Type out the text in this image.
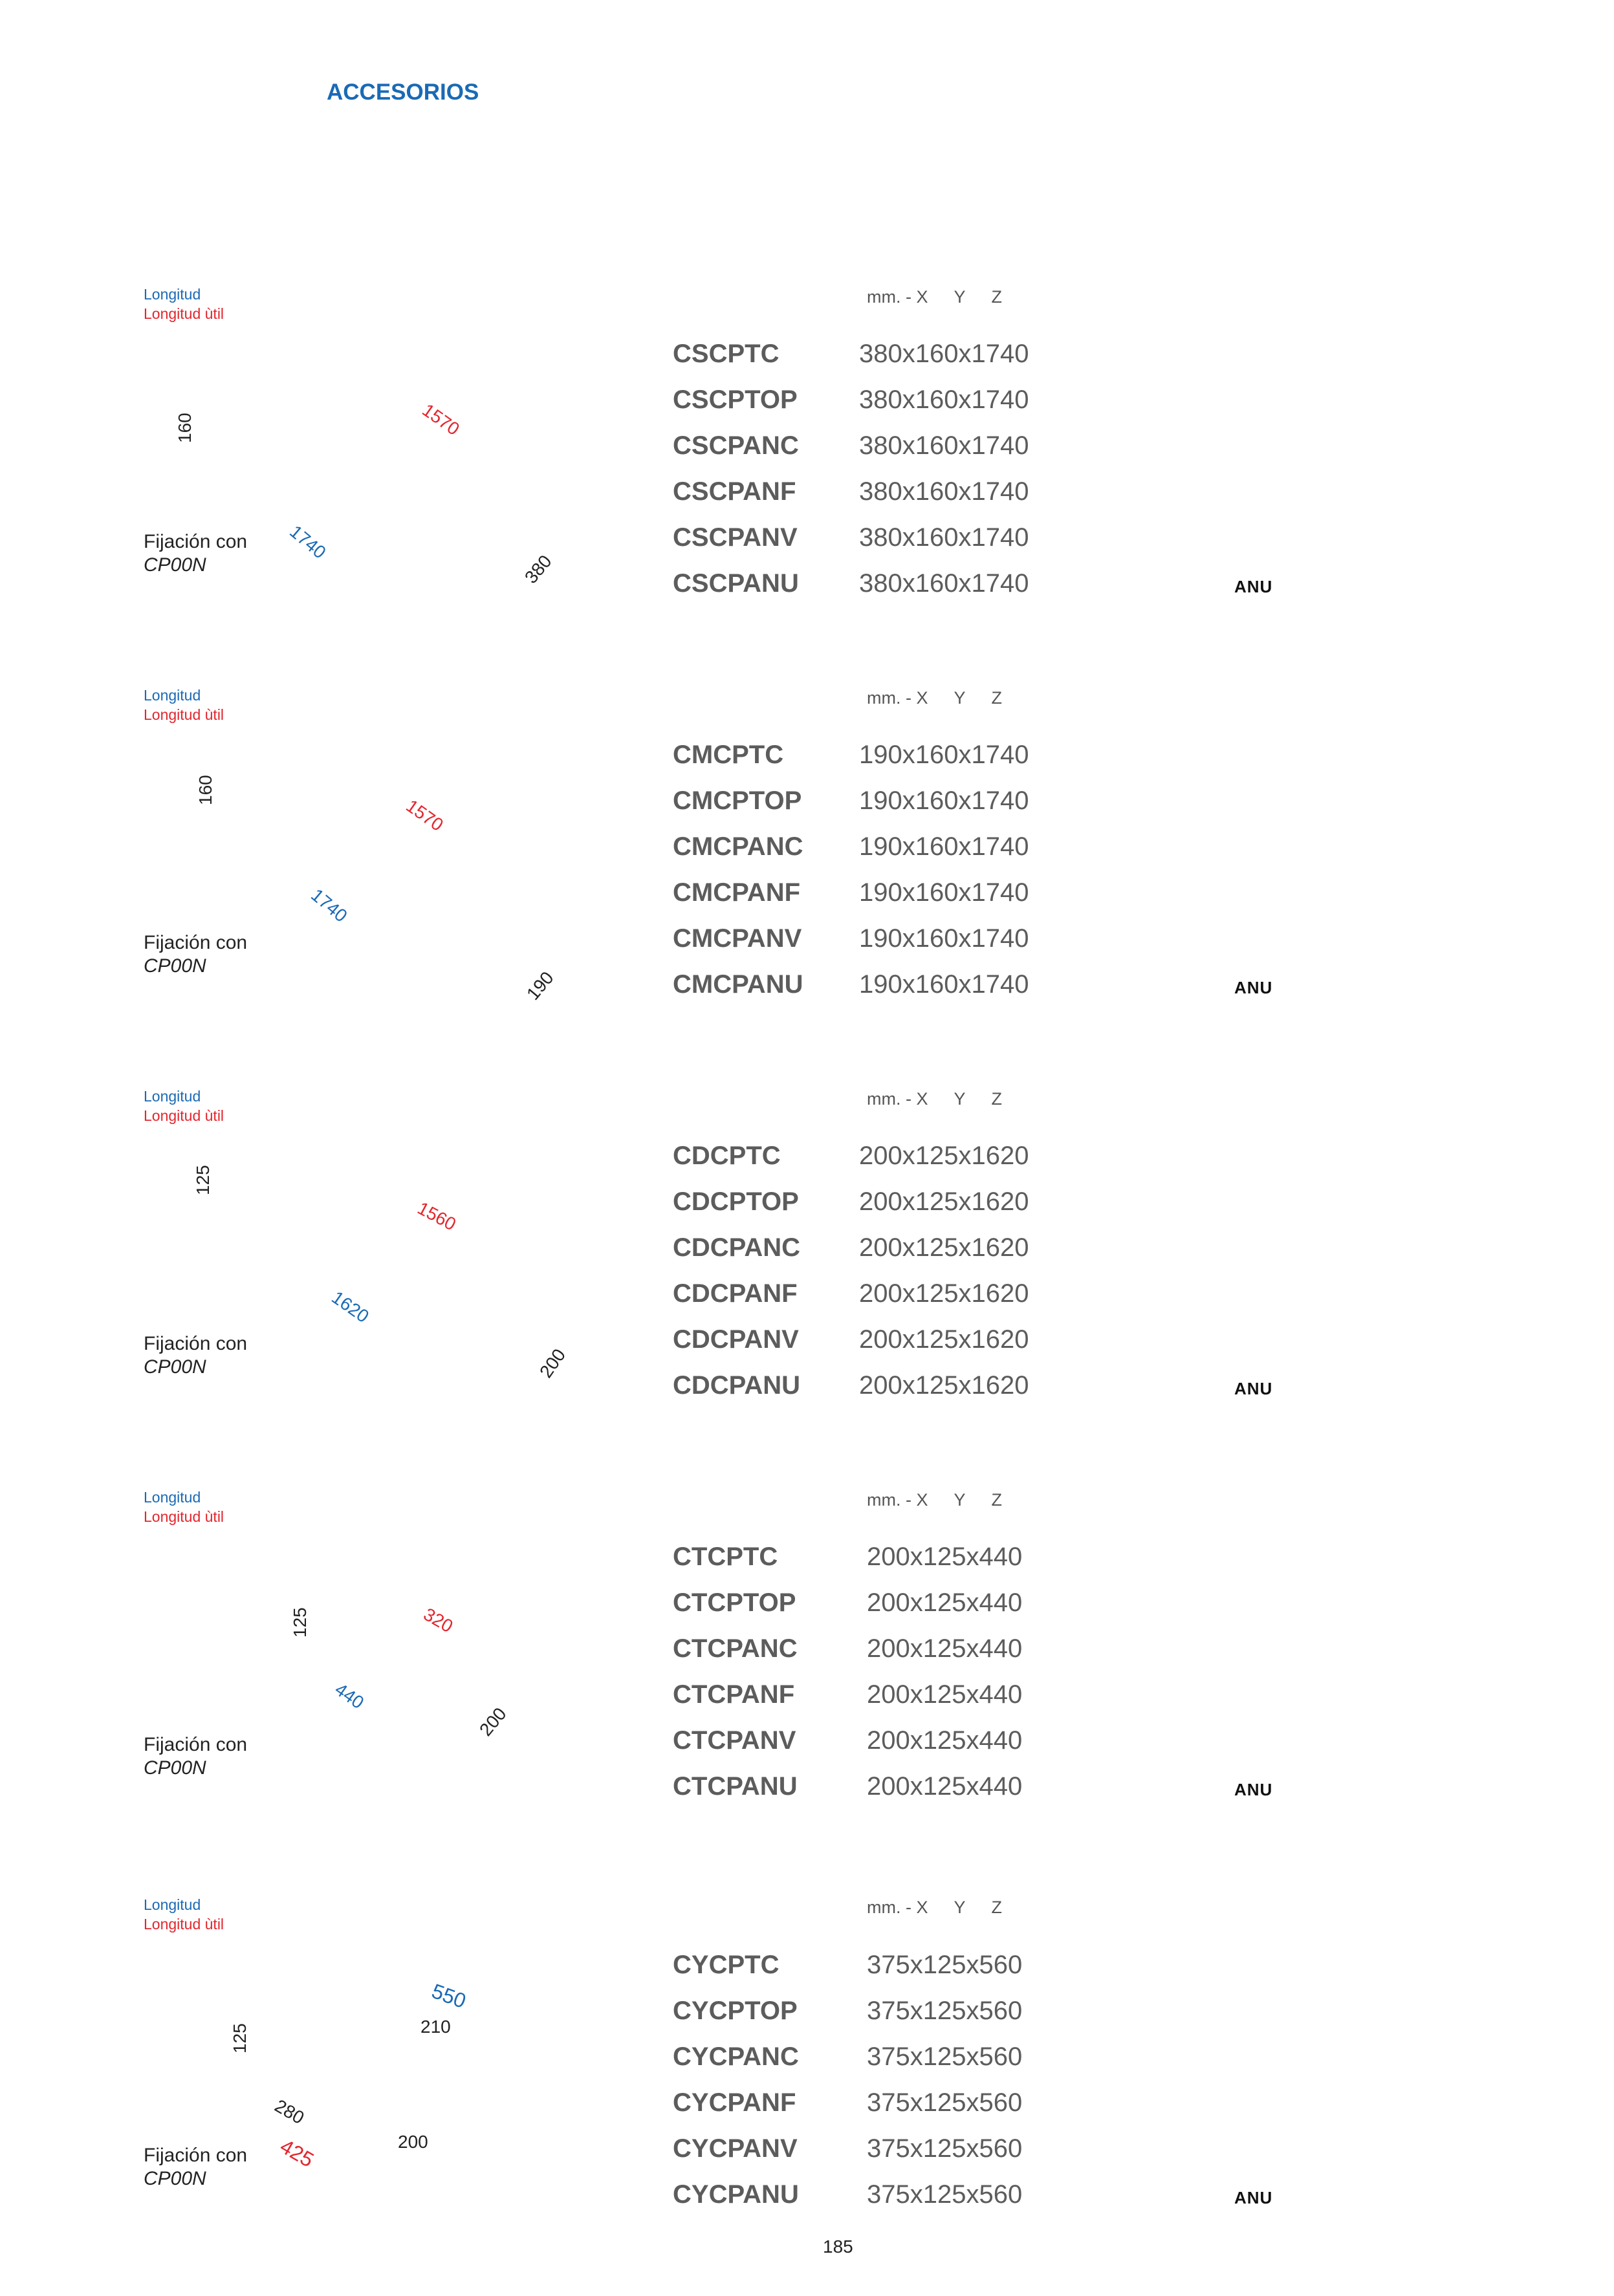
ACCESORIOS
Longitud
Longitud ùtil
160	1570
1740
380
Fijación con
CP00N
mm. - X Y Z
CSCPTC	380x160x1740
CSCPTOP 380x160x1740
CSCPANC 380x160x1740
CSCPANF 380x160x1740
CSCPANV 380x160x1740
CSCPANU 380x160x1740	ANU
Longitud
Longitud ùtil
160
1570
1740
190
Fijación con
CP00N
mm. - X Y Z
CMCPTC	190x160x1740
CMCPTOP 190x160x1740
CMCPANC 190x160x1740
CMCPANF 190x160x1740
CMCPANV 190x160x1740
CMCPANU 190x160x1740	ANU
Longitud
Longitud ùtil
125
1560
1620
200
Fijación con
CP00N
mm. - X Y Z
CDCPTC	200x125x1620
CDCPTOP 200x125x1620
CDCPANC 200x125x1620
CDCPANF 200x125x1620
CDCPANV 200x125x1620
CDCPANU 200x125x1620	ANU
Longitud
Longitud ùtil
125	320
440
200
Fijación con
CP00N
mm. - X Y Z
CTCPTC	200x125x440
CTCPTOP	200x125x440
CTCPANC	200x125x440
CTCPANF	200x125x440
CTCPANV	200x125x440
CTCPANU	200x125x440	ANU
Longitud
Longitud ùtil
125
550
210
280
425	200
Fijación con
CP00N
mm. - X Y Z
CYCPTC	375x125x560
CYCPTOP	375x125x560
CYCPANC	375x125x560
CYCPANF	375x125x560
CYCPANV	375x125x560
CYCPANU	375x125x560	ANU
185
